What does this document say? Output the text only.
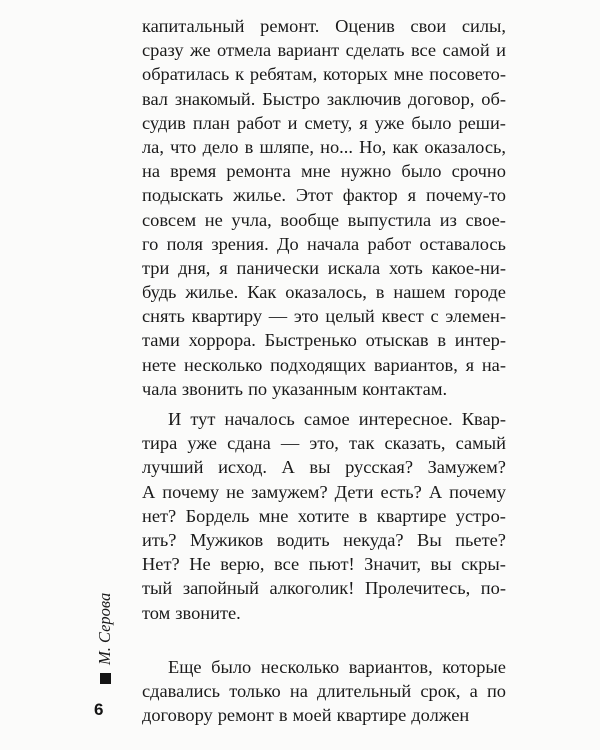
капитальный ремонт. Оценив свои силы,
сразу же отмела вариант сделать все самой и
обратилась к ребятам, которых мне посовето-
вал знакомый. Быстро заключив договор, об-
судив план работ и смету, я уже было реши-
ла, что дело в шляпе, но... Но, как оказалось,
на время ремонта мне нужно было срочно
подыскать жилье. Этот фактор я почему-то
совсем не учла, вообще выпустила из свое-
го поля зрения. До начала работ оставалось
три дня, я панически искала хоть какое-ни-
будь жилье. Как оказалось, в нашем городе
снять квартиру — это целый квест с элемен-
тами хоррора. Быстренько отыскав в интер-
нете несколько подходящих вариантов, я на-
чала звонить по указанным контактам.
И тут началось самое интересное. Квар-
тира уже сдана — это, так сказать, самый
лучший исход. А вы русская? Замужем?
А почему не замужем? Дети есть? А почему
нет? Бордель мне хотите в квартире устро-
ить? Мужиков водить некуда? Вы пьете?
Нет? Не верю, все пьют! Значит, вы скры-
тый запойный алкоголик! Пролечитесь, по-
том звоните.
Еще было несколько вариантов, которые
сдавались только на длительный срок, а по
договору ремонт в моей квартире должен
М. Серова
6
